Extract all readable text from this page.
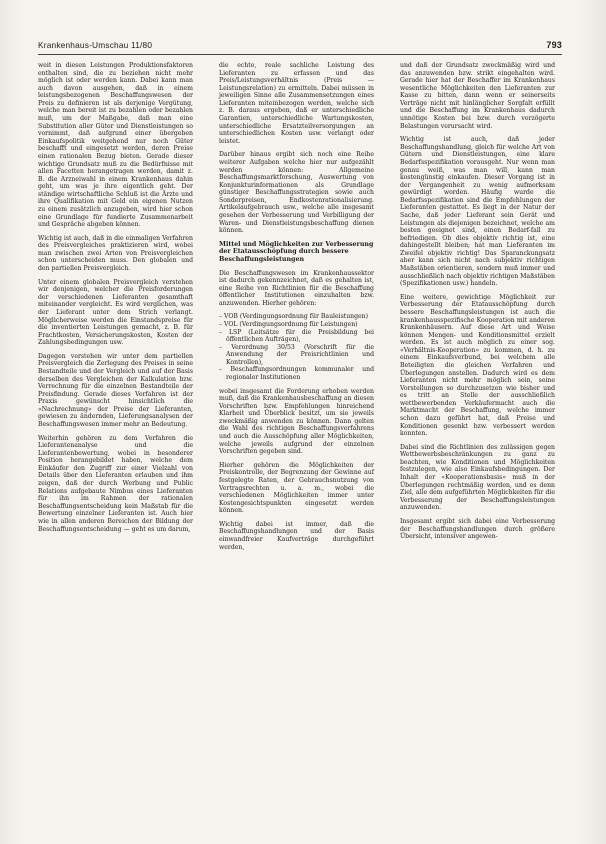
Krankenhaus-Umschau 11/80	793

weit in diesen Leistungen Produktionsfaktoren enthalten sind, die zu beziehen nicht mehr möglich ist oder werden kann. Dabei kann man auch davon ausgehen, daß in einem leistungsbezogenen Beschaffungswesen der Preis zu definieren ist als derjenige Vergütung, welche man bereit ist zu bezahlen oder bezahlen muß, um der Maßgabe, daß man eine Substitution aller Güter und Dienstleistungen so vornimmt, daß aufgrund einer übergeben Einkaufspolitik weitgehend nur noch Güter beschafft und eingesetzt werden, deren Preise einen rationalen Bezug bieten. Gerade dieser wichtige Grundsatz muß zu die Bedürfnisse mit allen Facetten herangetragen werden, damit z. B. die Arzneiwahl in einem Krankenhaus dahin geht, um was je ihre eigentlich geht. Der ständige wirtschaftliche Schluß ist die Ärzte und ihre Qualifikation mit Geld ein eigenen Nutzen zu einem zusätzlich anzugeben, wird hier schon eine Grundlage für fundierte Zusammenarbeit und Gespräche abgeben können.

Wichtig ist auch, daß in die einmaligen Verfahren des Preisvergleiches praktizieren wird, wobei man zwischen zwei Arten von Preisvergleichen schon unterscheiden muss. Den globalen und den partiellen Preisvergleich.

Unter einem globalen Preisvergleich verstehen wir denjenigen, welcher die Preisforderungen der verschiedenen Lieferanten gesamthaft miteinander vergleicht. Es wird verglichen, was der Lieferant unter dem Strich verlangt. Möglicherweise werden die Einstandspreise für die inventierten Leistungen gemacht, z. B. für Frachtkosten, Versicherungskosten, Kosten der Zahlungsbedingungen usw.

Dagegen verstehen wir unter dem partiellen Preisvergleich die Zerlegung des Preises in seine Bestandteile und der Vergleich und auf der Basis derselben des Vergleichen der Kalkulation bzw. Verrechnung für die einzelnen Bestandteile der Preisfindung. Gerade dieses Verfahren ist der Praxis gewünscht hinsichtlich die «Nachrechnung» der Preise der Lieferanten, gewiesen zu ändernden, Lieferungsanalysen der Beschaffungswesen immer mehr an Bedeutung.

Weiterhin gehören zu dem Verfahren die Lieferantenanalyse und die Lieferantenbewertung, wobei in besonderer Position herangebildet haben, welche dem Einkäufer den Zugriff zur einer Vielzahl von Details über den Lieferanten erlauben und ihm zeigen, daß der durch Werbung und Public Relations aufgebaute Nimbus eines Lieferanten für ihn im Rahmen der rationalen Beschaffungsentscheidung kein Maßstab für die Bewertung einzelner Lieferanten ist. Auch hier wie in allen anderen Bereichen der Bildung der Beschaffungsentscheidung — geht es um darum,

die echte, reale sachliche Leistung des Lieferanten zu erfassen und das Preis/Leistungsverhältnis (Preis — Leistungsrelation) zu ermitteln. Dabei müssen in jeweiligen Sinne alle Zusammensetzungen eines Lieferanten miteinbezogen werden, welche sich z. B. daraus ergeben, daß er unterschiedliche Garantien, unterschiedliche Wartungskosten, unterschiedliche Ersatzteilversorgungen an unterschiedlichen Kosten usw. verlangt oder leistet.

Darüber hinaus ergibt sich noch eine Reihe weiterer Aufgaben welche hier nur aufgezählt werden können: Allgemeine Beschaffungsmarktforschung, Auswertung von Konjunkturinformationen als Grundlage günstiger Beschaffungsstrategien sowie auch Sonderpreisen, Endkostenrationalisierung. Artikelaufgebrauch usw., welche alle insgesamt gesehen der Verbesserung und Verbilligung der Waren- und Dienstleistungsbeschaffung dienen können.

Mittel und Möglichkeiten zur Verbesserung der Etatausschöpfung durch bessere Beschaffungsleistungen

Die Beschaffungswesen im Krankenhaussektor ist dadurch gekennzeichnet, daß es gehalten ist, eine Reihe von Richtlinien für die Beschaffung öffentlicher Institutionen einzuhalten bzw. anzuwenden. Hierher gehören:

– VOB (Verdingungsordnung für Bauleistungen)
– VOL (Verdingungsordnung für Leistungen)
– LSP (Leitsätze für die Preisbildung bei öffentlichen Aufträgen),
– Verordnung 30/53 (Vorschrift für die Anwendung der Preisrichtlinien und Kontrollen),
– Beschaffungsordnungen kommunaler und regionaler Institutionen

wobei insgesamt die Forderung erhoben werden muß, daß die Krankenhausbeschaffung an diesen Vorschriften bzw. Empfehlungen hinreichend Klarheit und Überblick besitzt, um sie jeweils zweckmäßig anwenden zu können. Dann gelten die Wahl des richtigen Beschaffungsverfahrens und auch die Ausschöpfung aller Möglichkeiten, welche jeweils aufgrund der einzelnen Vorschriften gegeben sind.

Hierher gehören die Möglichkeiten der Preiskontrolle, der Begrenzung der Gewinne auf festgelegte Raten, der Gebrauchsnutzung von Vertragsrechten u. a. m., wobei die verschiedenen Möglichkeiten immer unter Kostengesichtspunkten eingesetzt werden können.

Wichtig dabei ist immer, daß die Beschaffungshandlungen und der Basis einwandfreier Kaufverträge durchgeführt werden,

und daß der Grundsatz zweckmäßig wird und das anzuwenden bzw. strikt eingehalten wird. Gerade hier hat der Beschaffer im Krankenhaus wesentliche Möglichkeiten den Lieferanten zur Kasse zu bitten, dann wenn er seinerseits Verträge nicht mit hinlänglicher Sorgfalt erfüllt und die Beschaffung im Krankenhaus dadurch unnötige Kosten bei bzw. durch verzögerte Belastungen verursacht wird.

Wichtig ist auch, daß jeder Beschaffungshandlung, gleich für welche Art von Gütern und Dienstleistungen, eine klare Bedarfsspezifikation vorausgeht. Nur wenn man genau weiß, was man will, kann man kostengünstig einkaufen. Dieser Vorgang ist in der Vergangenheit zu wenig aufmerksam gewürdigt worden. Häufig wurde die Bedarfsspezifikation sind die Empfehlungen der Lieferanten gestattet. Es liegt in der Natur der Sache, daß jeder Lieferant sein Gerät und Leistungen als diejenigen bezeichnet, welche am besten geeignet sind, einen Bedarf-fall zu befriedigen. Ob dies objektiv richtig ist, eine dahingestellt bleiben; hat man Lieferanten im Zweifel objektiv richtig! Das Sparanckungsatz aber kann sich nicht nach subjektiv richtigen Maßstäben orientieren, sondern muß immer und ausschließlich nach objektiv richtigen Maßstäben (Spezifikationen usw.) handeln.

Eine weitere, gewichtige Möglichkeit zur Verbesserung der Etatausschöpfung durch bessere Beschaffungsleistungen ist auch die krankenhausspezifische Kooperation mit anderen Krankenhäusern. Auf diese Art und Weise können Mengen- und Konditionsmittel erzielt werden. Es ist auch möglich zu einer sog. «Verhältnis-Kooperation» zu kommen, d. h. zu einem Einkaufsverbund, bei welchem alle Beteiligten die gleichen Verfahren und Überlegungen anstellen. Dadurch wird es dem Lieferanten nicht mehr möglich sein, seine Vorstellungen so durchzusetzen wie bisher und es tritt an Stelle der ausschließlich wettbewerbenden Verkäufermacht auch die Marktmacht der Beschaffung, welche immer schon dazu geführt hat, daß Preise und Konditionen gesenkt bzw. verbessert werden konnten.

Dabei sind die Richtlinien des zulässigen gegen Wettbewerbsbeschränkungen zu ganz zu beachten, wie Konditionen und Möglichkeiten festzulegen, wie also Einkaufsbedingungen. Der Inhalt der «Kooperationsbasis» muß in der Überlegungen rechtmäßig werden, und es denn Ziel, alle dem aufgeführten Möglichkeiten für die Verbesserung der Beschaffungsleistungen anzuwenden.

Insgesamt ergibt sich dabei eine Verbesserung der Beschaffungshandlungen durch größere Übersicht, intensiver angewen-
